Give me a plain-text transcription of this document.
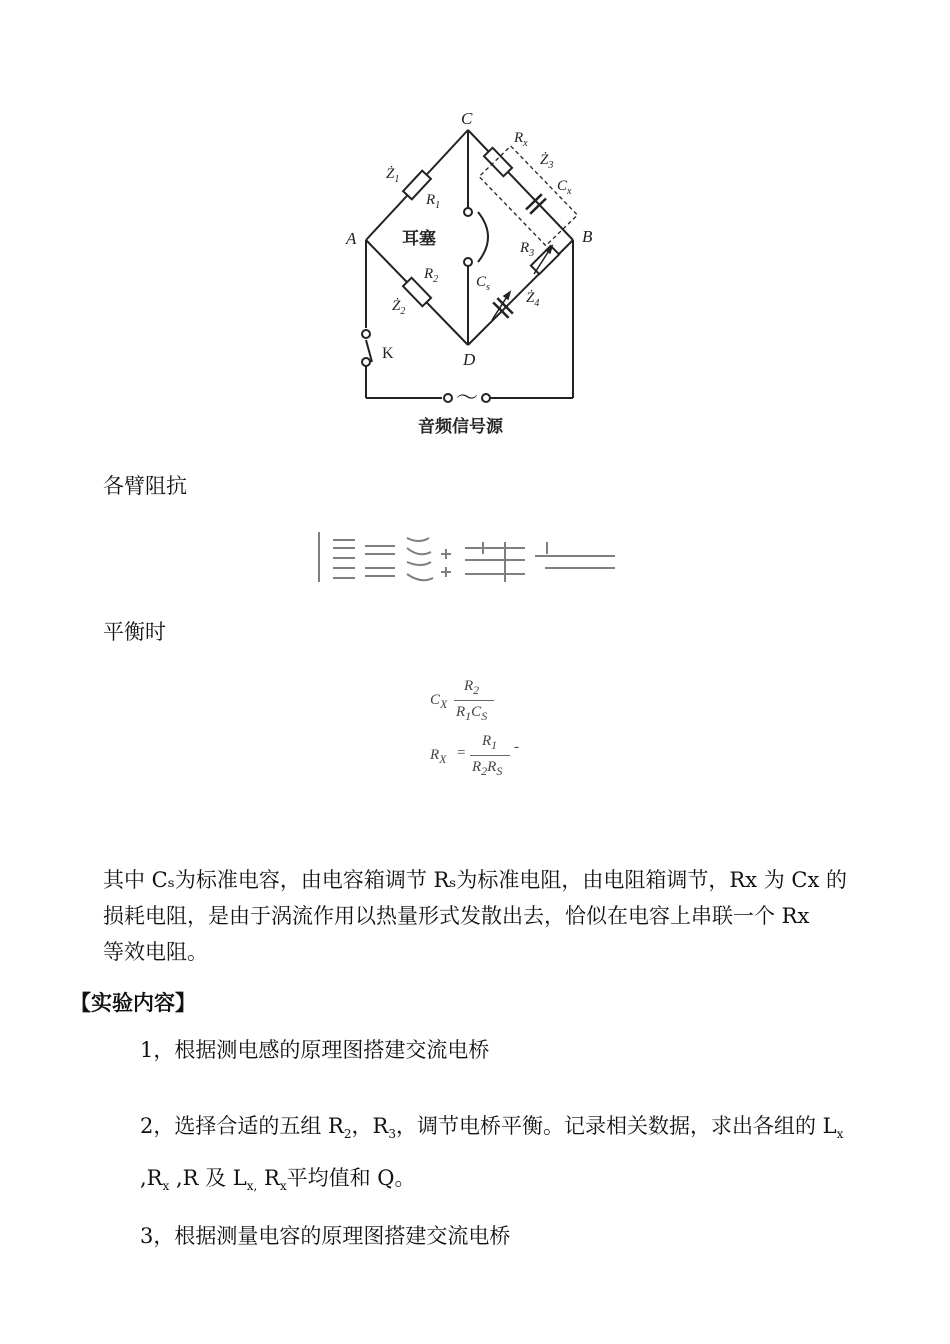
C
A	B
D
$Ż_1$
$R_1$
$R_2$
$Ż_2$
$R_x$
$Ż_3$
$C_x$
$R_3$
$C_s$
$Ż_4$
K
耳塞
～
音频信号源
各臂阻抗
平衡时
$C_X$
$R_2$
$R_1C_S$
$R_X$ =
$R_1$ -
$R_2R_S$
其中 Cₛ为标准电容，由电容箱调节 Rₛ为标准电阻，由电阻箱调节，Rx 为 Cx 的
损耗电阻，是由于涡流作用以热量形式发散出去，恰似在电容上串联一个 Rx
等效电阻。
【实验内容】
1，根据测电感的原理图搭建交流电桥
2，选择合适的五组 $R_2$，$R_3$，调节电桥平衡。记录相关数据，求出各组的 $L_x$
$,R_x$ ,R 及 $L_{x,}$ $R_x$平均值和 Q。
3，根据测量电容的原理图搭建交流电桥
